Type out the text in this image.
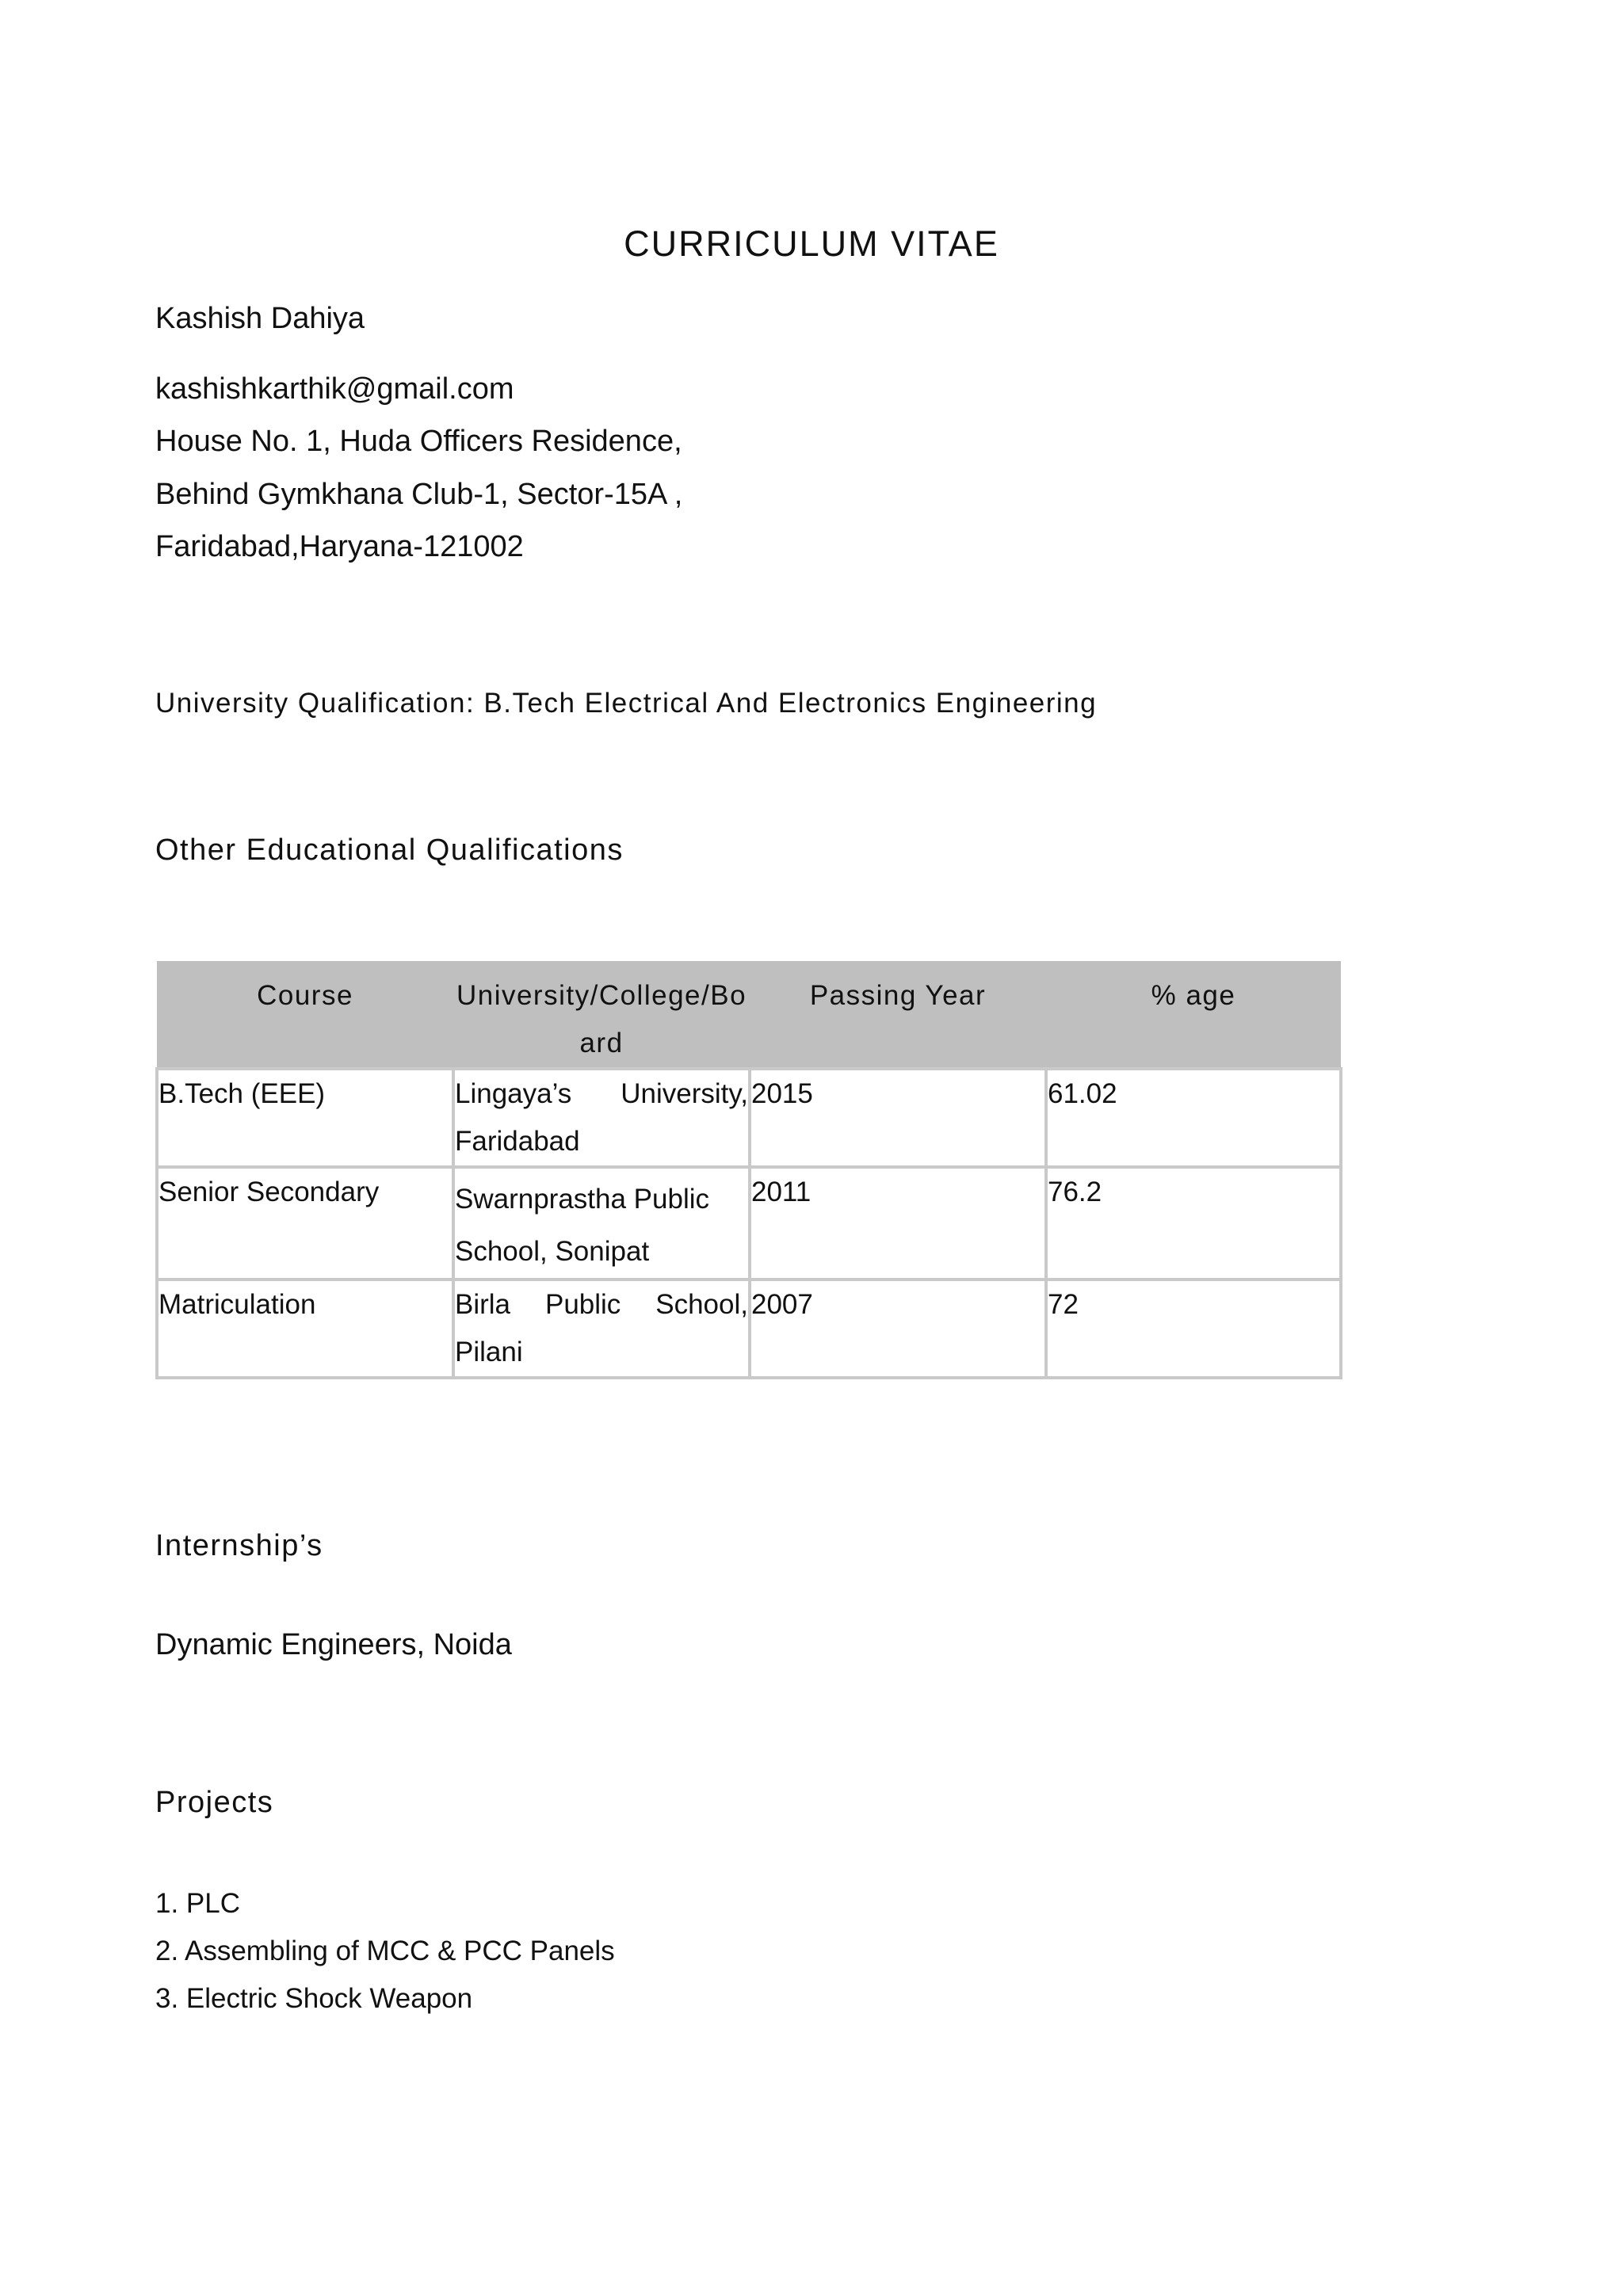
CURRICULUM VITAE
Kashish Dahiya
kashishkarthik@gmail.com
House No. 1, Huda Officers Residence,
Behind Gymkhana Club-1, Sector-15A ,
Faridabad,Haryana-121002
University Qualification: B.Tech Electrical And Electronics Engineering
Other Educational Qualifications
Course	University/College/Board	Passing Year	% age

B.Tech (EEE)	Lingaya’s University, Faridabad	2015	61.02

Senior Secondary	Swarnprastha Public School, Sonipat	2011	76.2

Matriculation	Birla Public School, Pilani	2007	72
Internship’s
Dynamic Engineers, Noida
Projects
1. PLC
2. Assembling of MCC & PCC Panels
3. Electric Shock Weapon
